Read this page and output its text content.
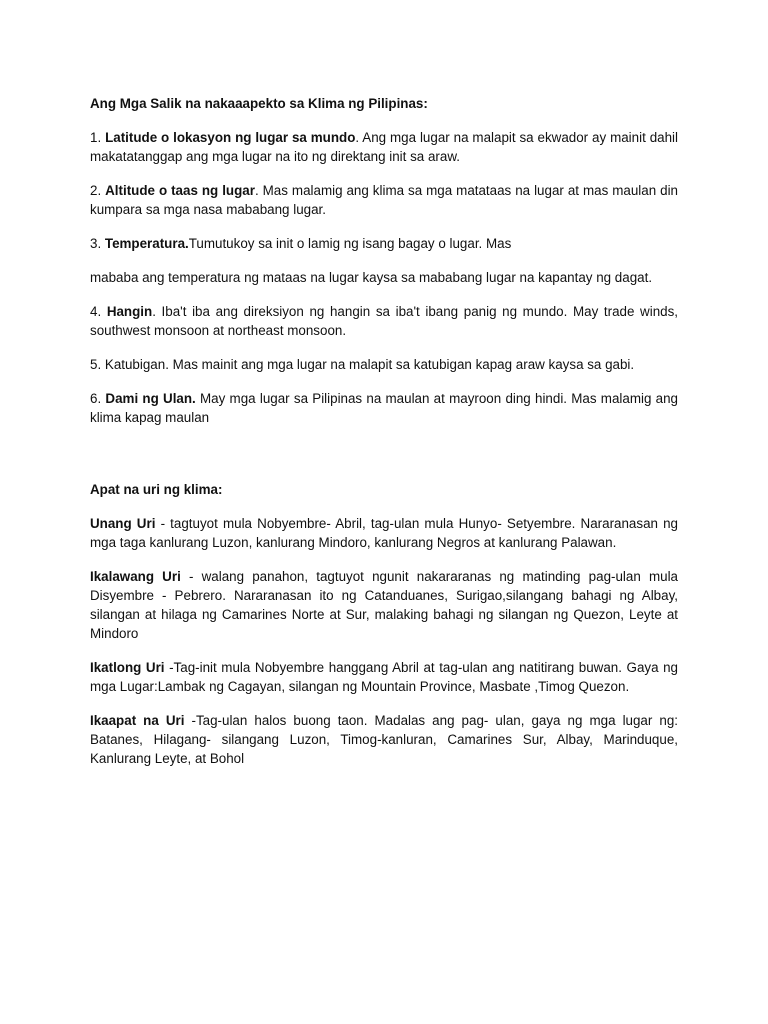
Ang Mga Salik na nakaaapekto sa Klima ng Pilipinas:

1. Latitude o lokasyon ng lugar sa mundo. Ang mga lugar na malapit sa ekwador ay mainit dahil makatatanggap ang mga lugar na ito ng direktang init sa araw.

2. Altitude o taas ng lugar. Mas malamig ang klima sa mga matataas na lugar at mas maulan din kumpara sa mga nasa mababang lugar.

3. Temperatura.Tumutukoy sa init o lamig ng isang bagay o lugar. Mas

mababa ang temperatura ng mataas na lugar kaysa sa mababang lugar na kapantay ng dagat.

4. Hangin. Iba't iba ang direksiyon ng hangin sa iba't ibang panig ng mundo. May trade winds, southwest monsoon at northeast monsoon.

5. Katubigan. Mas mainit ang mga lugar na malapit sa katubigan kapag araw kaysa sa gabi.

6. Dami ng Ulan. May mga lugar sa Pilipinas na maulan at mayroon ding hindi. Mas malamig ang klima kapag maulan

Apat na uri ng klima:

Unang Uri - tagtuyot mula Nobyembre- Abril, tag-ulan mula Hunyo- Setyembre. Nararanasan ng mga taga kanlurang Luzon, kanlurang Mindoro, kanlurang Negros at kanlurang Palawan.

Ikalawang Uri - walang panahon, tagtuyot ngunit nakararanas ng matinding pag-ulan mula Disyembre - Pebrero. Nararanasan ito ng Catanduanes, Surigao,silangang bahagi ng Albay, silangan at hilaga ng Camarines Norte at Sur, malaking bahagi ng silangan ng Quezon, Leyte at Mindoro

Ikatlong Uri -Tag-init mula Nobyembre hanggang Abril at tag-ulan ang natitirang buwan. Gaya ng mga Lugar:Lambak ng Cagayan, silangan ng Mountain Province, Masbate ,Timog Quezon.

Ikaapat na Uri -Tag-ulan halos buong taon. Madalas ang pag- ulan, gaya ng mga lugar ng: Batanes, Hilagang- silangang Luzon, Timog-kanluran, Camarines Sur, Albay, Marinduque, Kanlurang Leyte, at Bohol
